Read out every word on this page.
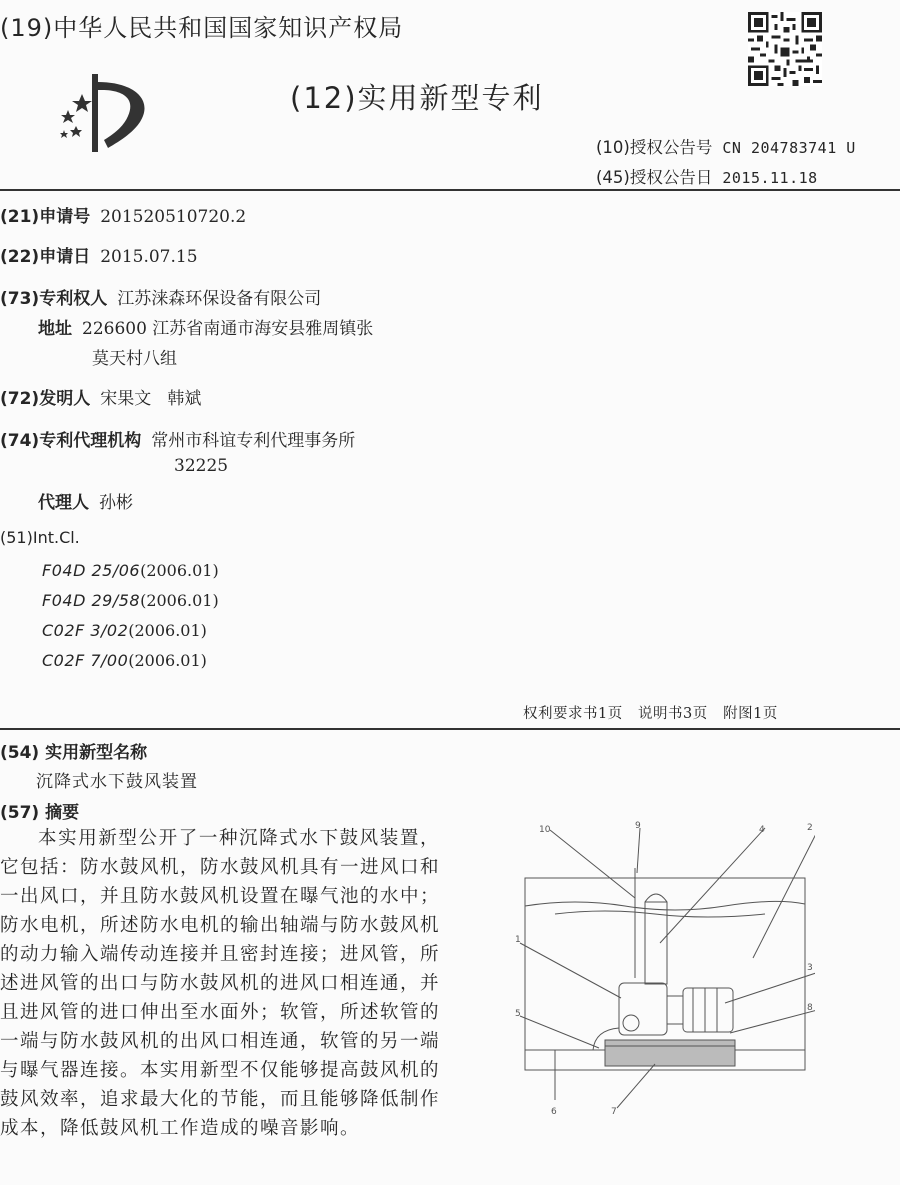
(19)中华人民共和国国家知识产权局
(12)实用新型专利
(10)授权公告号 CN 204783741 U
(45)授权公告日 2015.11.18
(21)申请号 201520510720.2
(22)申请日 2015.07.15
(73)专利权人 江苏涞森环保设备有限公司
地址 226600 江苏省南通市海安县雅周镇张
莫天村八组
(72)发明人 宋果文   韩斌
(74)专利代理机构 常州市科谊专利代理事务所
32225
代理人 孙彬
(51)Int.Cl.
F04D 25/06(2006.01)
F04D 29/58(2006.01)
C02F 3/02(2006.01)
C02F 7/00(2006.01)
权利要求书1页   说明书3页   附图1页
(54) 实用新型名称
沉降式水下鼓风装置
(57) 摘要
本实用新型公开了一种沉降式水下鼓风装置，它包括：防水鼓风机，防水鼓风机具有一进风口和一出风口，并且防水鼓风机设置在曝气池的水中；防水电机，所述防水电机的输出轴端与防水鼓风机的动力输入端传动连接并且密封连接；进风管，所述进风管的出口与防水鼓风机的进风口相连通，并且进风管的进口伸出至水面外；软管，所述软管的一端与防水鼓风机的出风口相连通，软管的另一端与曝气器连接。本实用新型不仅能够提高鼓风机的鼓风效率，追求最大化的节能，而且能够降低制作成本，降低鼓风机工作造成的噪音影响。
10	9	4	2
1
3
5
8
6	7
